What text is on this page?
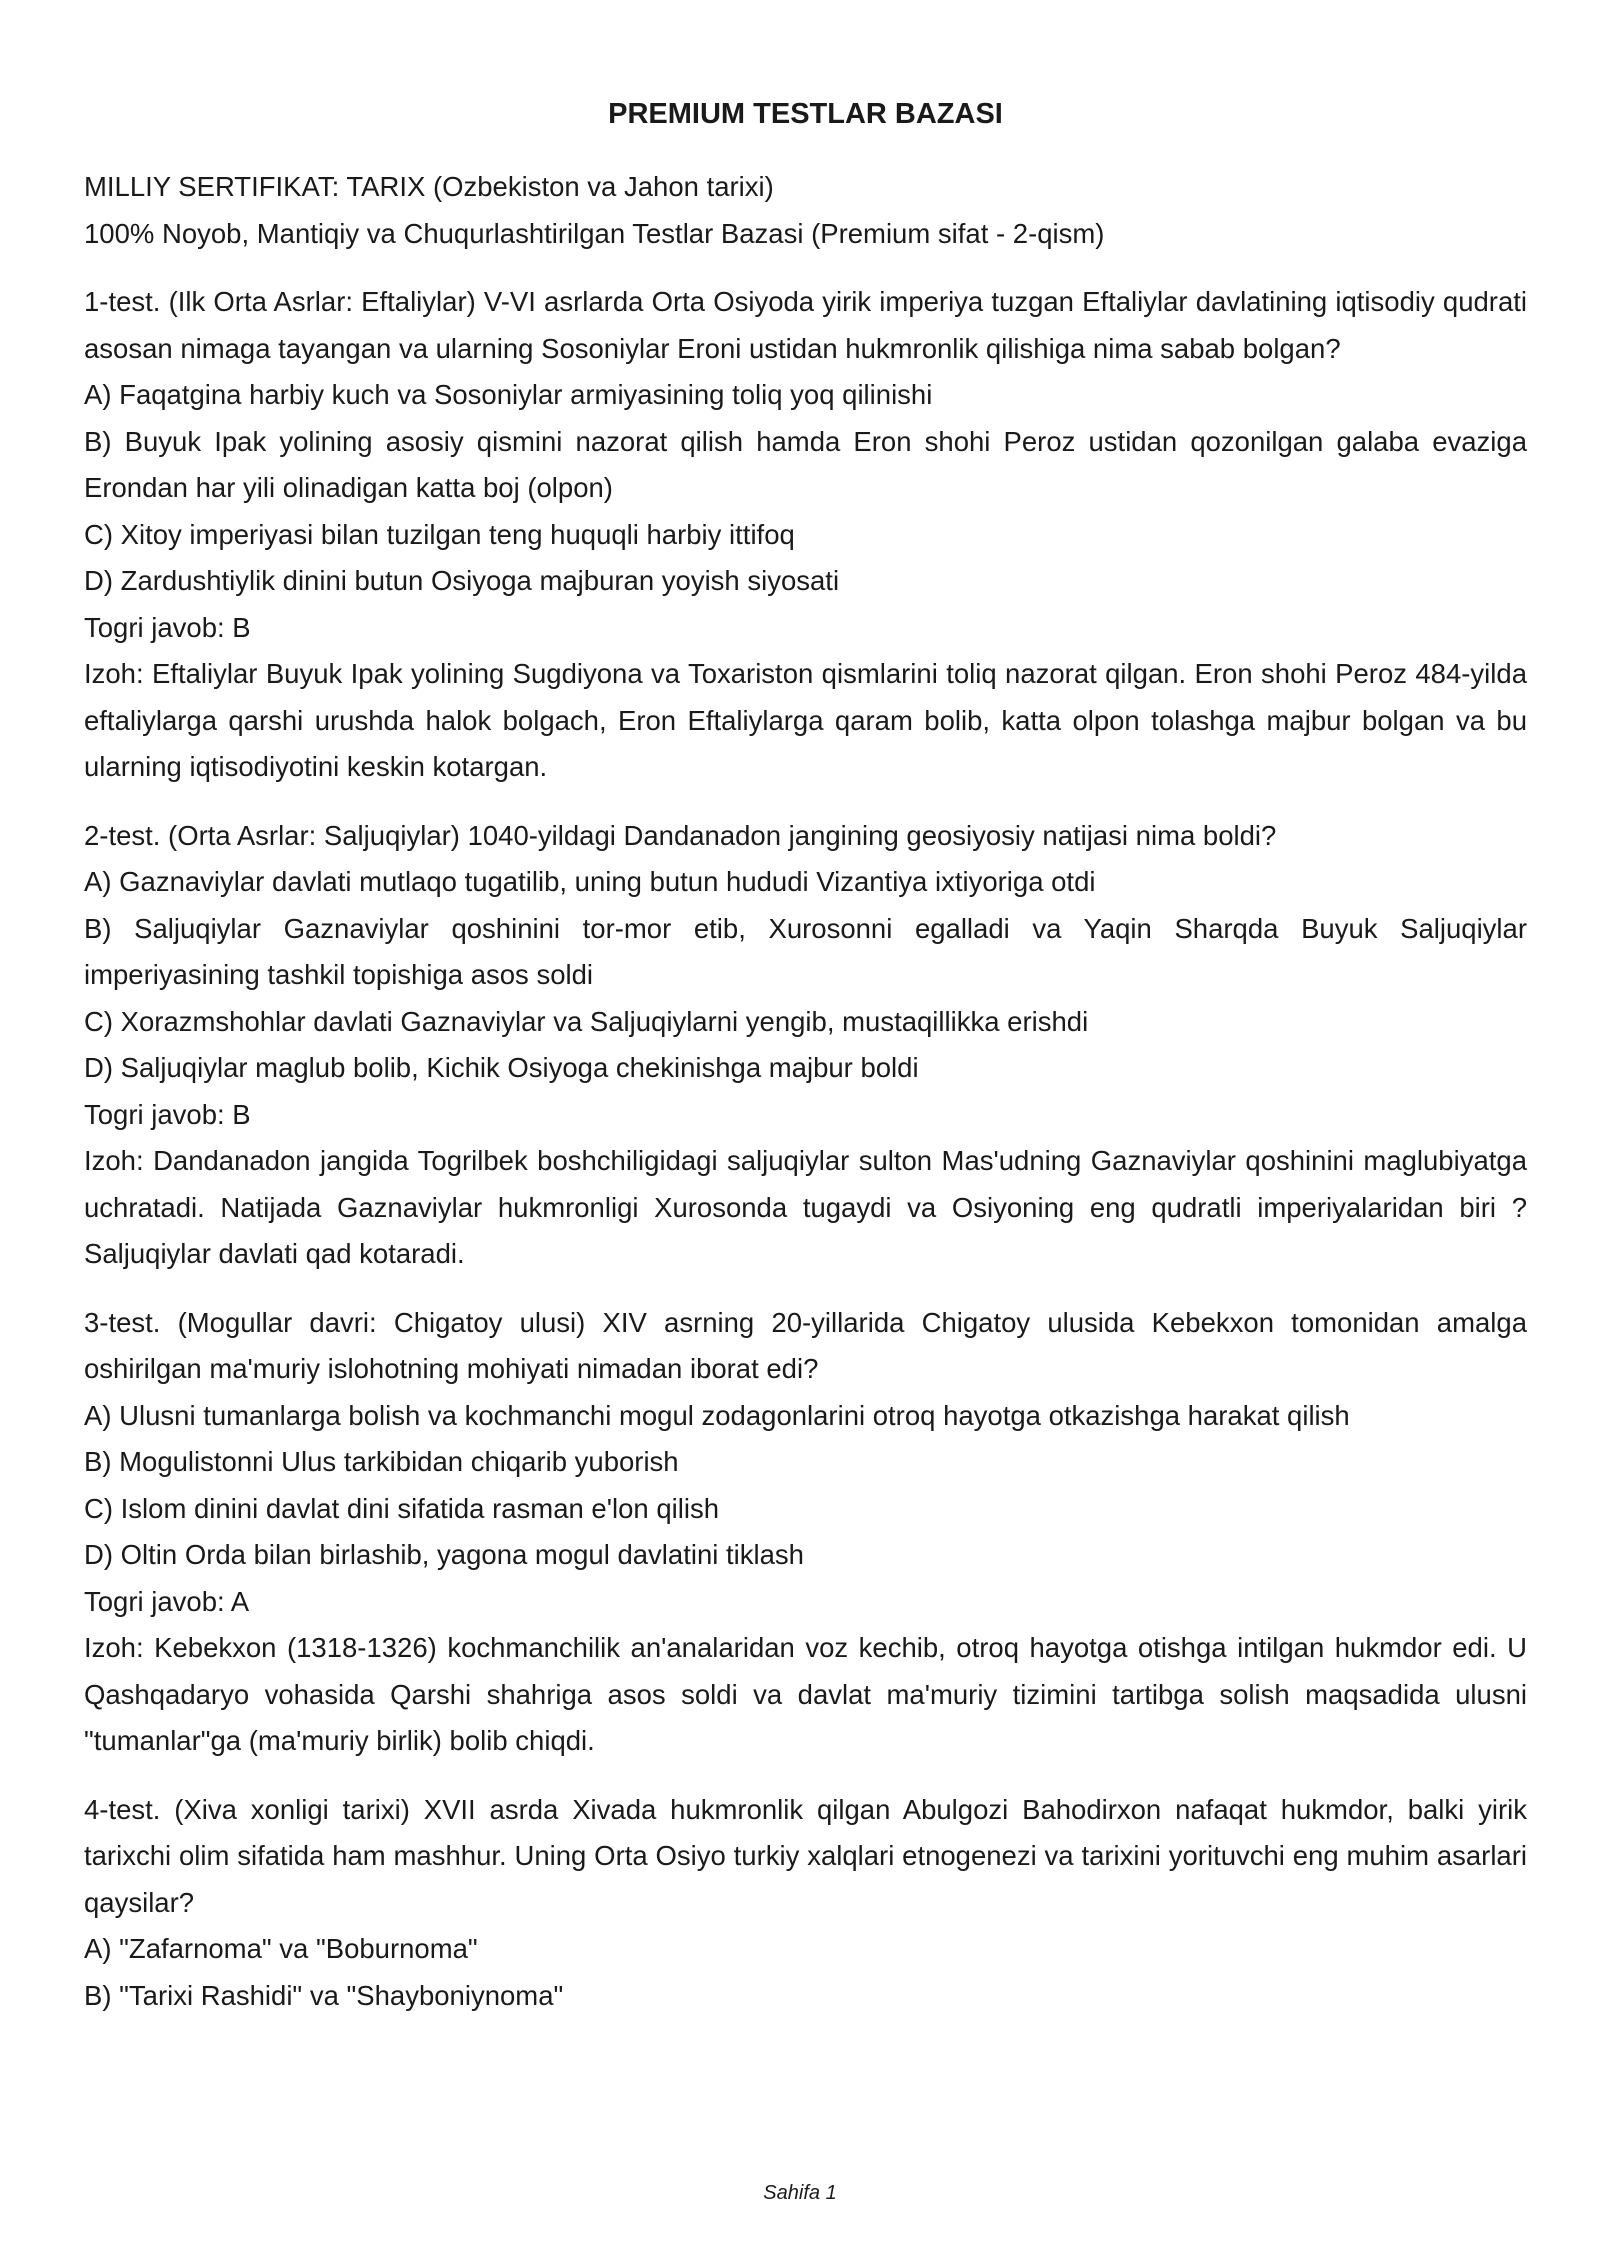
PREMIUM TESTLAR BAZASI

MILLIY SERTIFIKAT: TARIX (Ozbekiston va Jahon tarixi)

100% Noyob, Mantiqiy va Chuqurlashtirilgan Testlar Bazasi (Premium sifat - 2-qism)

1-test. (Ilk Orta Asrlar: Eftaliylar) V-VI asrlarda Orta Osiyoda yirik imperiya tuzgan Eftaliylar davlatining iqtisodiy qudrati asosan nimaga tayangan va ularning Sosoniylar Eroni ustidan hukmronlik qilishiga nima sabab bolgan?

A) Faqatgina harbiy kuch va Sosoniylar armiyasining toliq yoq qilinishi

B) Buyuk Ipak yolining asosiy qismini nazorat qilish hamda Eron shohi Peroz ustidan qozonilgan galaba evaziga Erondan har yili olinadigan katta boj (olpon)

C) Xitoy imperiyasi bilan tuzilgan teng huquqli harbiy ittifoq

D) Zardushtiylik dinini butun Osiyoga majburan yoyish siyosati

Togri javob: B

Izoh: Eftaliylar Buyuk Ipak yolining Sugdiyona va Toxariston qismlarini toliq nazorat qilgan. Eron shohi Peroz 484-yilda eftaliylarga qarshi urushda halok bolgach, Eron Eftaliylarga qaram bolib, katta olpon tolashga majbur bolgan va bu ularning iqtisodiyotini keskin kotargan.

2-test. (Orta Asrlar: Saljuqiylar) 1040-yildagi Dandanadon jangining geosiyosiy natijasi nima boldi?

A) Gaznaviylar davlati mutlaqo tugatilib, uning butun hududi Vizantiya ixtiyoriga otdi

B) Saljuqiylar Gaznaviylar qoshinini tor-mor etib, Xurosonni egalladi va Yaqin Sharqda Buyuk Saljuqiylar imperiyasining tashkil topishiga asos soldi

C) Xorazmshohlar davlati Gaznaviylar va Saljuqiylarni yengib, mustaqillikka erishdi

D) Saljuqiylar maglub bolib, Kichik Osiyoga chekinishga majbur boldi

Togri javob: B

Izoh: Dandanadon jangida Togrilbek boshchiligidagi saljuqiylar sulton Mas'udning Gaznaviylar qoshinini maglubiyatga uchratadi. Natijada Gaznaviylar hukmronligi Xurosonda tugaydi va Osiyoning eng qudratli imperiyalaridan biri ? Saljuqiylar davlati qad kotaradi.

3-test. (Mogullar davri: Chigatoy ulusi) XIV asrning 20-yillarida Chigatoy ulusida Kebekxon tomonidan amalga oshirilgan ma'muriy islohotning mohiyati nimadan iborat edi?

A) Ulusni tumanlarga bolish va kochmanchi mogul zodagonlarini otroq hayotga otkazishga harakat qilish

B) Mogulistonni Ulus tarkibidan chiqarib yuborish

C) Islom dinini davlat dini sifatida rasman e'lon qilish

D) Oltin Orda bilan birlashib, yagona mogul davlatini tiklash

Togri javob: A

Izoh: Kebekxon (1318-1326) kochmanchilik an'analaridan voz kechib, otroq hayotga otishga intilgan hukmdor edi. U Qashqadaryo vohasida Qarshi shahriga asos soldi va davlat ma'muriy tizimini tartibga solish maqsadida ulusni "tumanlar"ga (ma'muriy birlik) bolib chiqdi.

4-test. (Xiva xonligi tarixi) XVII asrda Xivada hukmronlik qilgan Abulgozi Bahodirxon nafaqat hukmdor, balki yirik tarixchi olim sifatida ham mashhur. Uning Orta Osiyo turkiy xalqlari etnogenezi va tarixini yorituvchi eng muhim asarlari qaysilar?

A) "Zafarnoma" va "Boburnoma"

B) "Tarixi Rashidi" va "Shayboniynoma"

Sahifa 1
